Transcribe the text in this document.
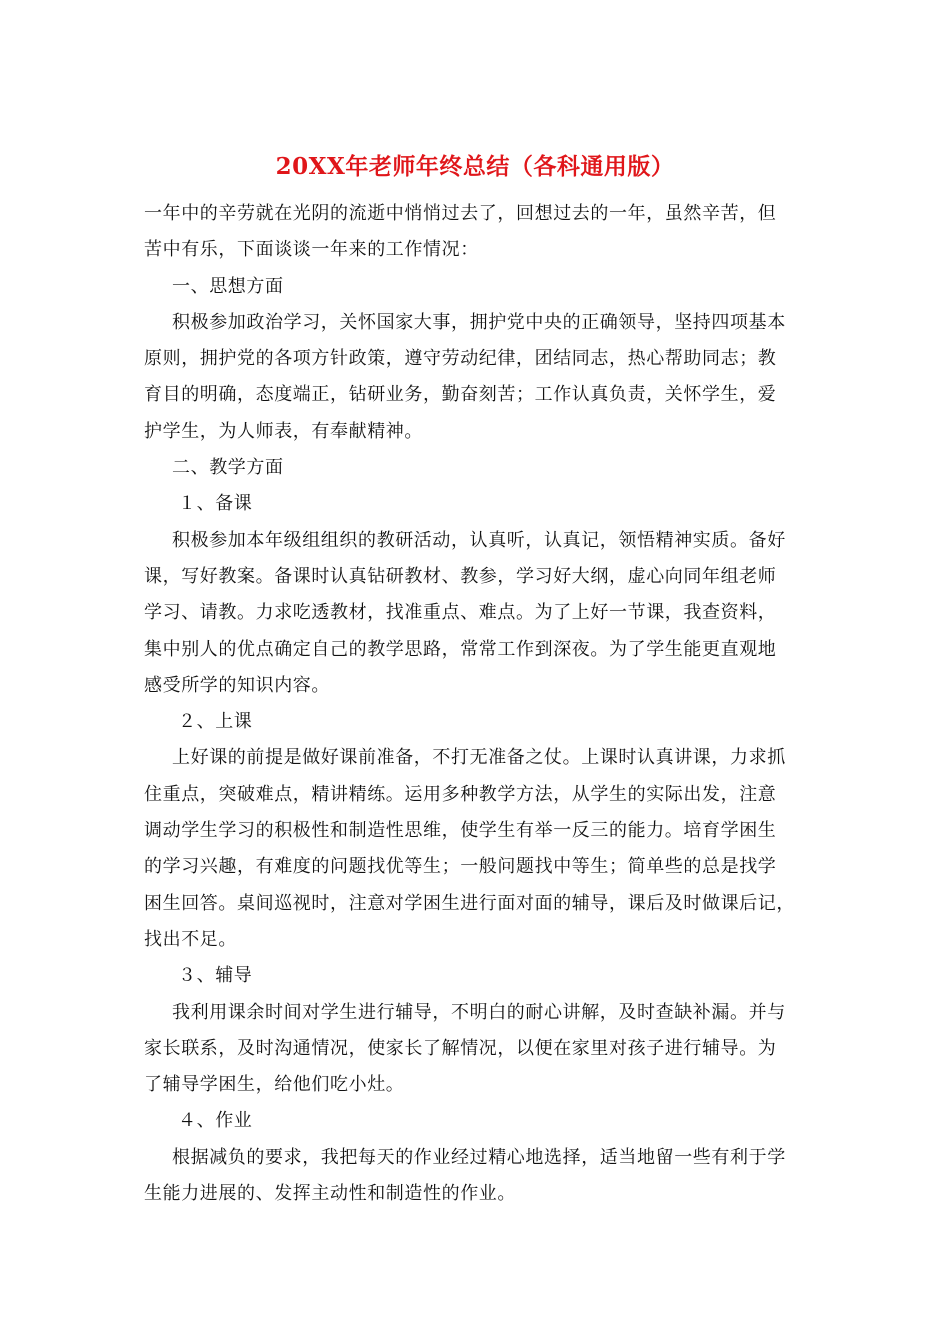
20XX年老师年终总结（各科通用版）
一年中的辛劳就在光阴的流逝中悄悄过去了，回想过去的一年，虽然辛苦，但
苦中有乐，下面谈谈一年来的工作情况：
一、思想方面
积极参加政治学习，关怀国家大事，拥护党中央的正确领导，坚持四项基本
原则，拥护党的各项方针政策，遵守劳动纪律，团结同志，热心帮助同志；教
育目的明确，态度端正，钻研业务，勤奋刻苦；工作认真负责，关怀学生，爱
护学生，为人师表，有奉献精神。
二、教学方面
１、备课
积极参加本年级组组织的教研活动，认真听，认真记，领悟精神实质。备好
课，写好教案。备课时认真钻研教材、教参，学习好大纲，虚心向同年组老师
学习、请教。力求吃透教材，找准重点、难点。为了上好一节课，我查资料，
集中别人的优点确定自己的教学思路，常常工作到深夜。为了学生能更直观地
感受所学的知识内容。
２、上课
上好课的前提是做好课前准备，不打无准备之仗。上课时认真讲课，力求抓
住重点，突破难点，精讲精练。运用多种教学方法，从学生的实际出发，注意
调动学生学习的积极性和制造性思维，使学生有举一反三的能力。培育学困生
的学习兴趣，有难度的问题找优等生；一般问题找中等生；简单些的总是找学
困生回答。桌间巡视时，注意对学困生进行面对面的辅导，课后及时做课后记，
找出不足。
３、辅导
我利用课余时间对学生进行辅导，不明白的耐心讲解，及时查缺补漏。并与
家长联系，及时沟通情况，使家长了解情况，以便在家里对孩子进行辅导。为
了辅导学困生，给他们吃小灶。
４、作业
根据减负的要求，我把每天的作业经过精心地选择，适当地留一些有利于学
生能力进展的、发挥主动性和制造性的作业。
